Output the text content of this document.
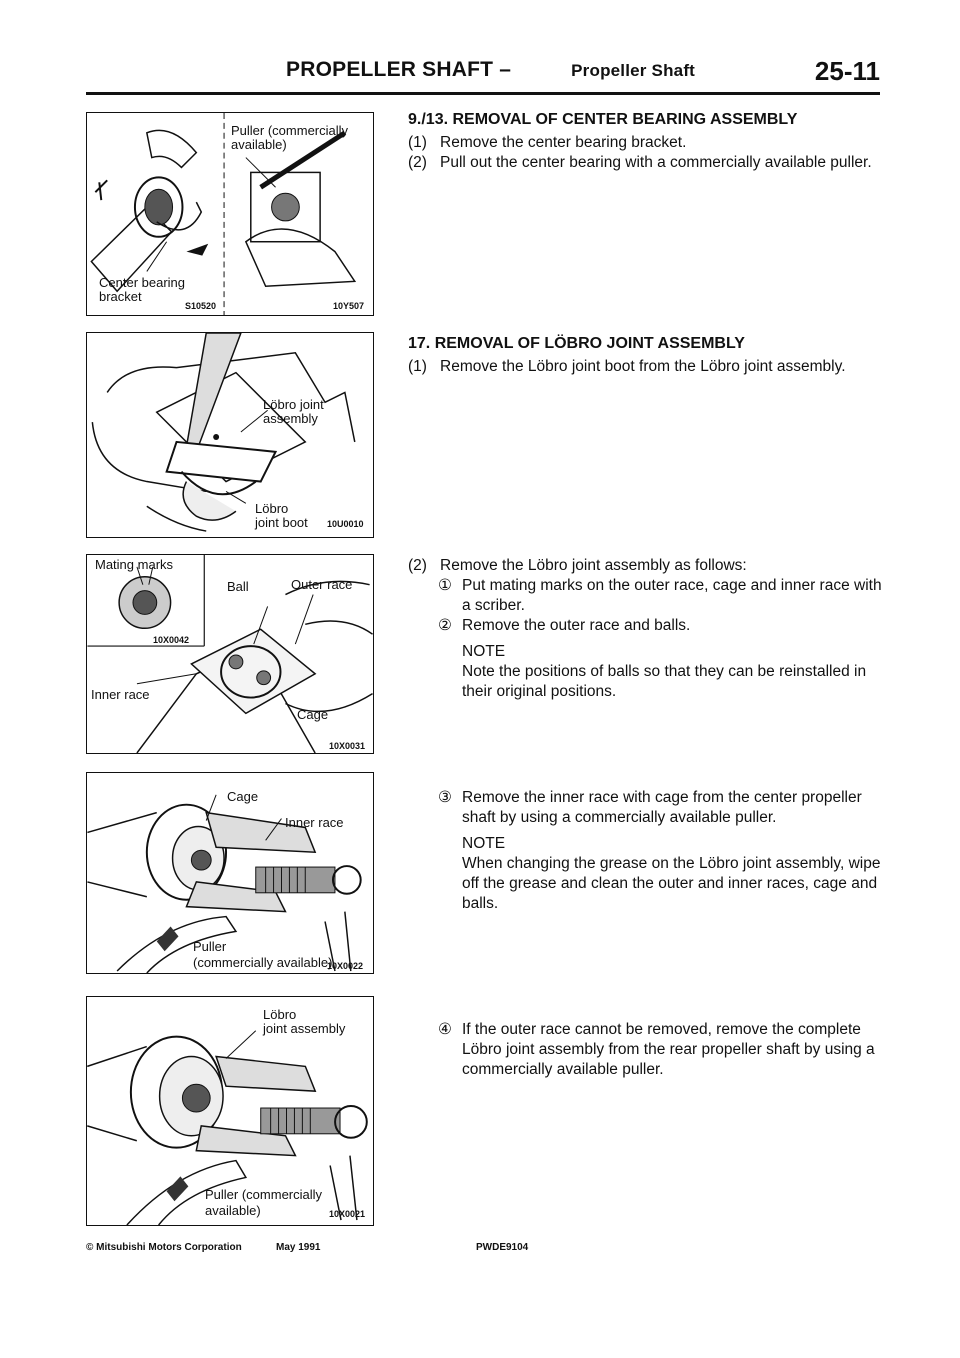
PROPELLER SHAFT –	Propeller Shaft	25-11
Puller (commercially
available)
Center bearing
bracket
S10520	10Y507
Löbro joint
assembly
Löbro
joint boot 10U0010
Mating marks
Ball	Outer race
Inner race
Cage
10X0042
10X0031
Cage
Inner race
Puller
(commercially available)
10X0022
Löbro
joint assembly
Puller (commercially
available)	10X0021
9./13. REMOVAL OF CENTER BEARING ASSEMBLY
(1) Remove the center bearing bracket.
(2) Pull out the center bearing with a commercially available puller.
17. REMOVAL OF LÖBRO JOINT ASSEMBLY
(1) Remove the Löbro joint boot from the Löbro joint assembly.
(2) Remove the Löbro joint assembly as follows:
① Put mating marks on the outer race, cage and inner race with a scriber.
② Remove the outer race and balls.
NOTE
Note the positions of balls so that they can be reinstalled in their original positions.
③ Remove the inner race with cage from the center propeller shaft by using a commercially available puller.
NOTE
When changing the grease on the Löbro joint assembly, wipe off the grease and clean the outer and inner races, cage and balls.
④ If the outer race cannot be removed, remove the complete Löbro joint assembly from the rear propeller shaft by using a commercially available puller.
© Mitsubishi Motors Corporation	May 1991	PWDE9104
